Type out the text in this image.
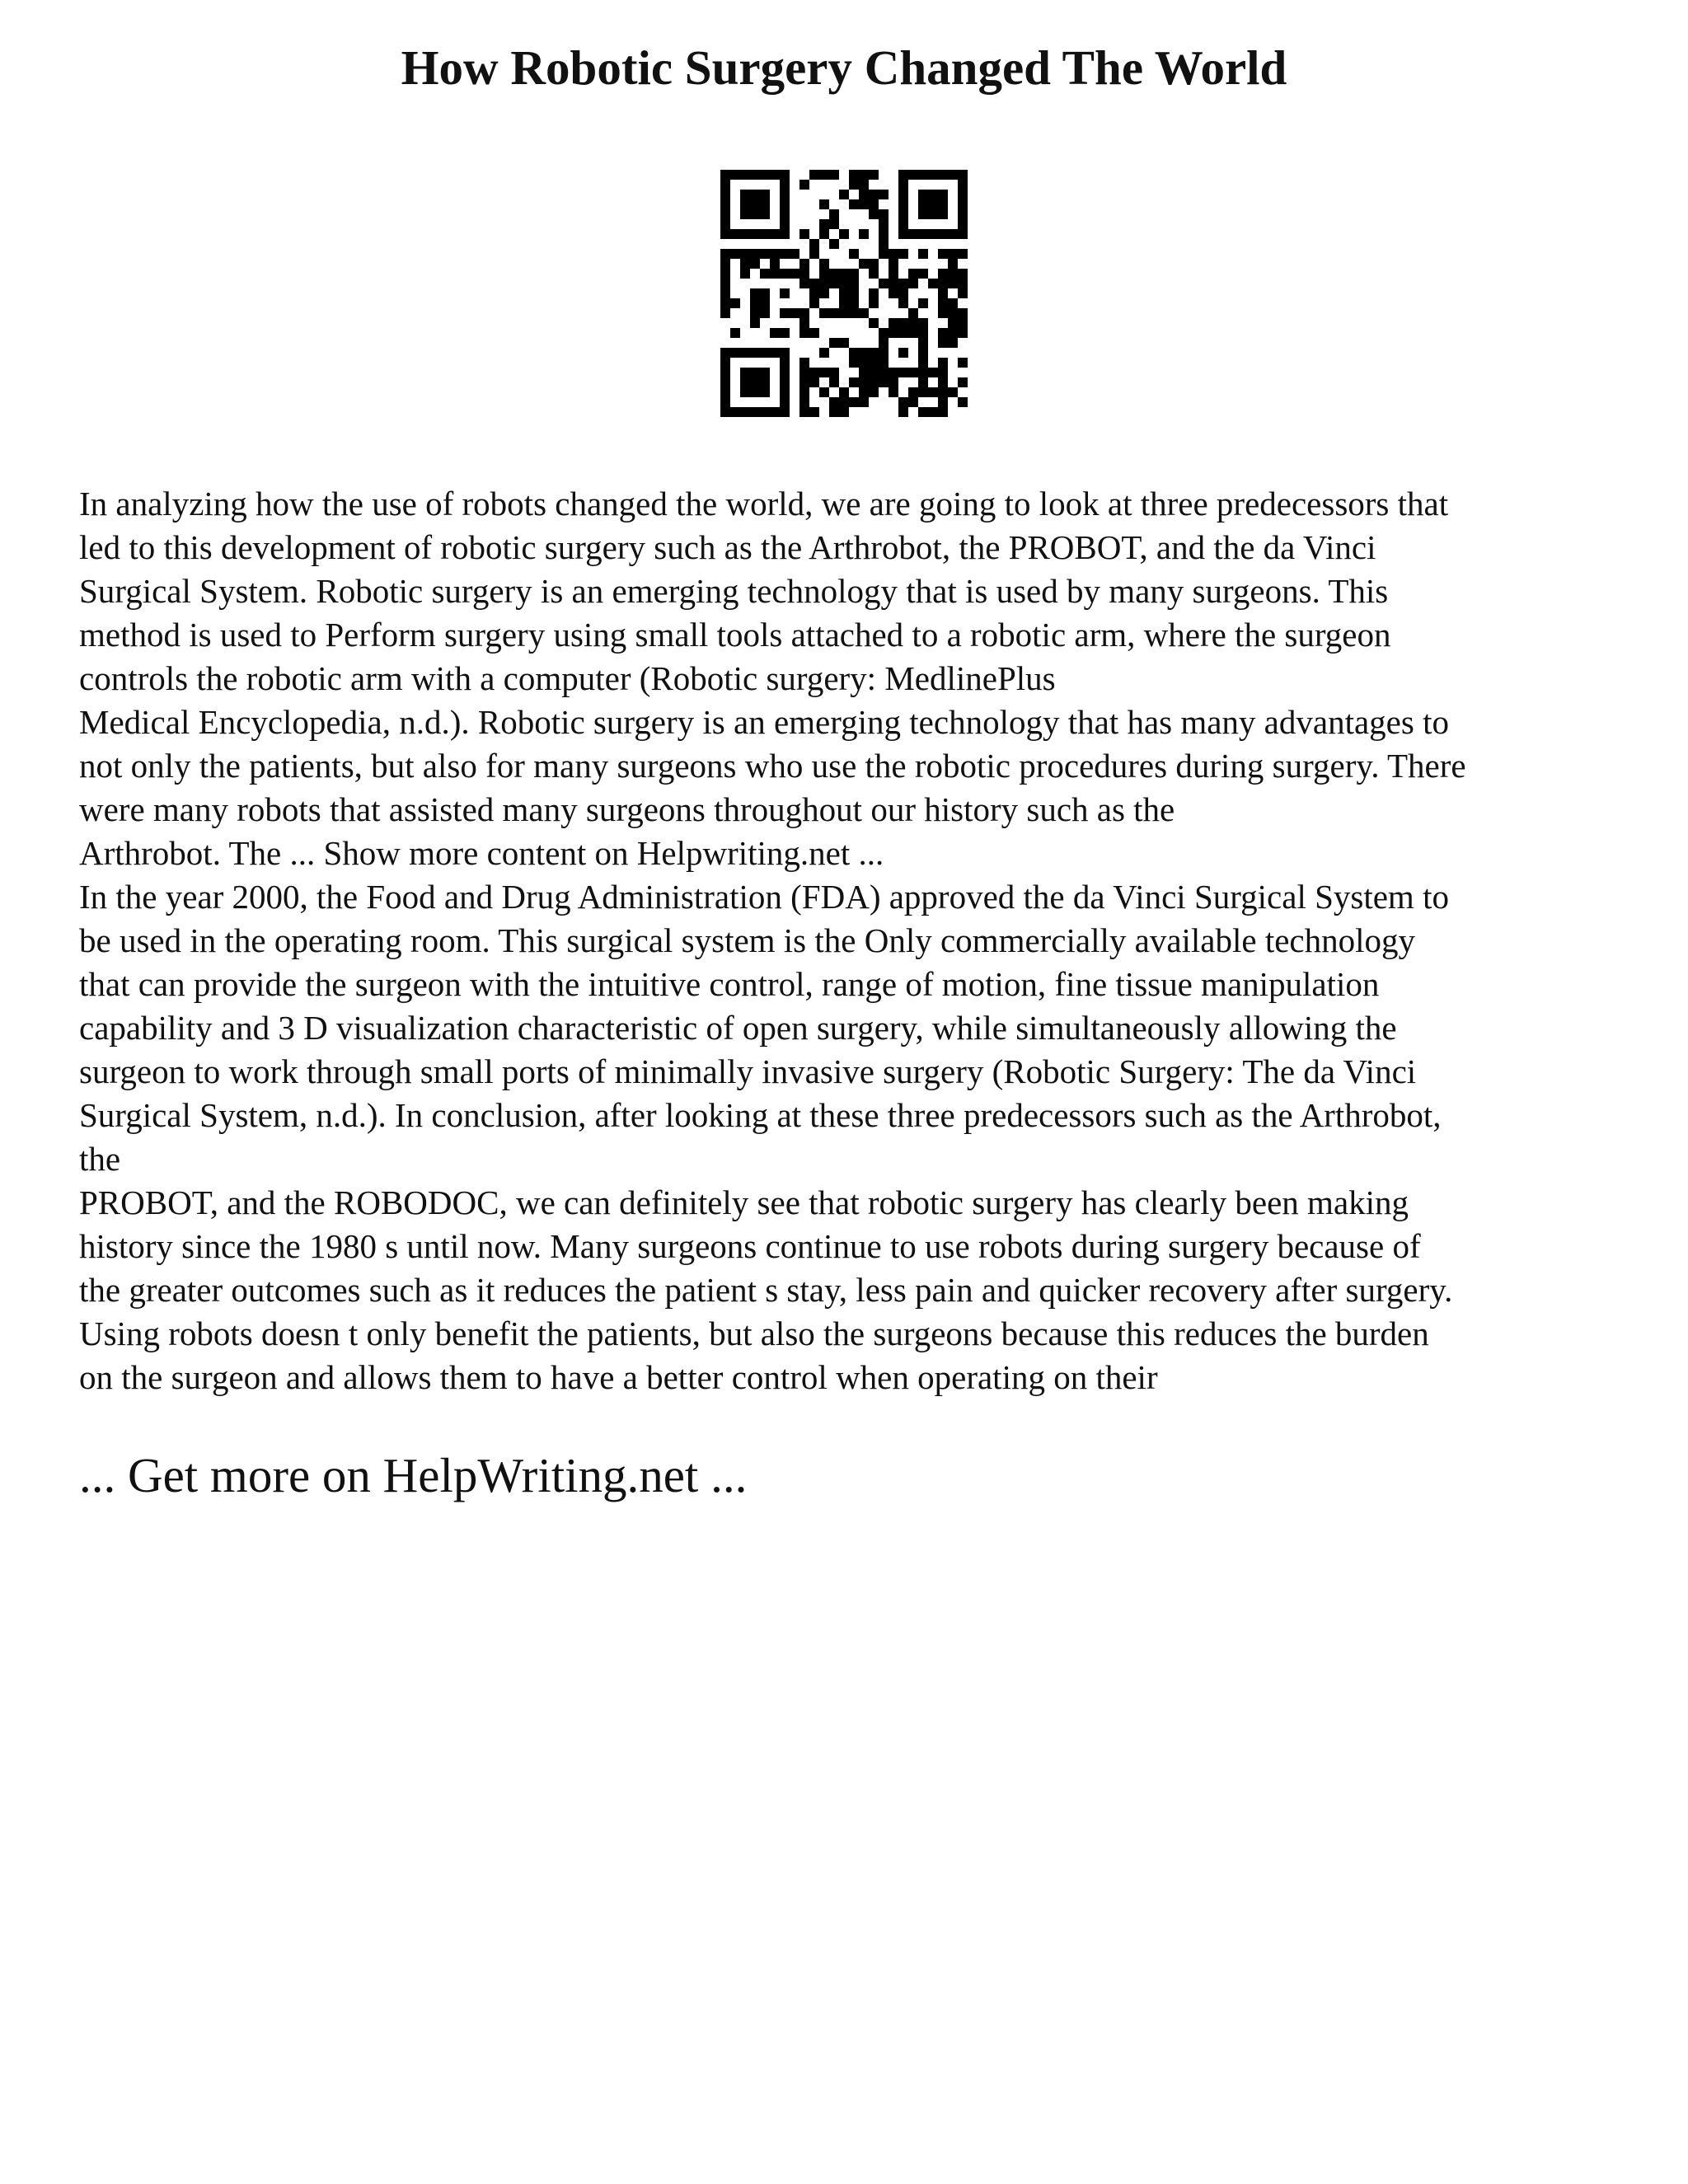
How Robotic Surgery Changed The World
In analyzing how the use of robots changed the world, we are going to look at three predecessors that
led to this development of robotic surgery such as the Arthrobot, the PROBOT, and the da Vinci
Surgical System. Robotic surgery is an emerging technology that is used by many surgeons. This
method is used to Perform surgery using small tools attached to a robotic arm, where the surgeon
controls the robotic arm with a computer (Robotic surgery: MedlinePlus
Medical Encyclopedia, n.d.). Robotic surgery is an emerging technology that has many advantages to
not only the patients, but also for many surgeons who use the robotic procedures during surgery. There
were many robots that assisted many surgeons throughout our history such as the
Arthrobot. The ... Show more content on Helpwriting.net ...
In the year 2000, the Food and Drug Administration (FDA) approved the da Vinci Surgical System to
be used in the operating room. This surgical system is the Only commercially available technology
that can provide the surgeon with the intuitive control, range of motion, fine tissue manipulation
capability and 3 D visualization characteristic of open surgery, while simultaneously allowing the
surgeon to work through small ports of minimally invasive surgery (Robotic Surgery: The da Vinci
Surgical System, n.d.). In conclusion, after looking at these three predecessors such as the Arthrobot,
the
PROBOT, and the ROBODOC, we can definitely see that robotic surgery has clearly been making
history since the 1980 s until now. Many surgeons continue to use robots during surgery because of
the greater outcomes such as it reduces the patient s stay, less pain and quicker recovery after surgery.
Using robots doesn t only benefit the patients, but also the surgeons because this reduces the burden
on the surgeon and allows them to have a better control when operating on their
... Get more on HelpWriting.net ...
